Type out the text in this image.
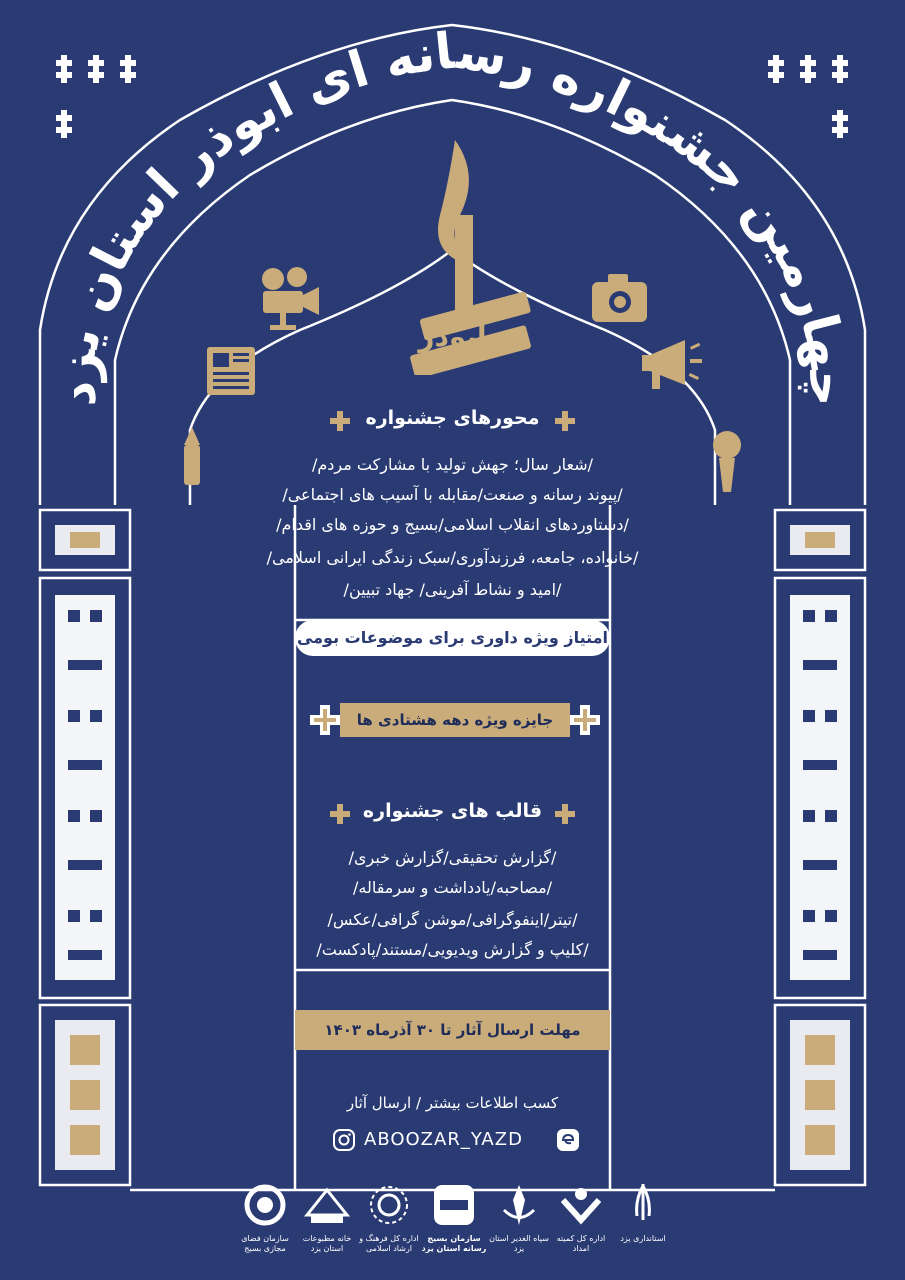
چهارمین جشنواره رسانه ای ابوذر استان یزد
ابوذر
محورهای جشنواره
/شعار سال؛ جهش تولید با مشارکت مردم/
/پیوند رسانه و صنعت/مقابله با آسیب های اجتماعی/
/دستاوردهای انقلاب اسلامی/بسیج و حوزه های اقدام/
/خانواده، جامعه، فرزندآوری/سبک زندگی ایرانی اسلامی/
/امید و نشاط آفرینی/ جهاد تبیین/
امتیاز ویژه داوری برای موضوعات بومی
جایزه ویژه دهه هشتادی ها
قالب های جشنواره
/گزارش تحقیقی/گزارش خبری/
/مصاحبه/یادداشت و سرمقاله/
/تیتر/اینفوگرافی/موشن گرافی/عکس/
/کلیپ و گزارش ویدیویی/مستند/پادکست/
مهلت ارسال آثار تا ۳۰ آذرماه ۱۴۰۳
کسب اطلاعات بیشتر / ارسال آثار
ABOOZAR_YAZD
سازمان فضای مجازی بسیج
خانه مطبوعات استان یزد
اداره کل فرهنگ و ارشاد اسلامی
سازمان بسیج رسانه استان یزد
سپاه الغدیر استان یزد
اداره کل کمیته امداد
استانداری یزد
